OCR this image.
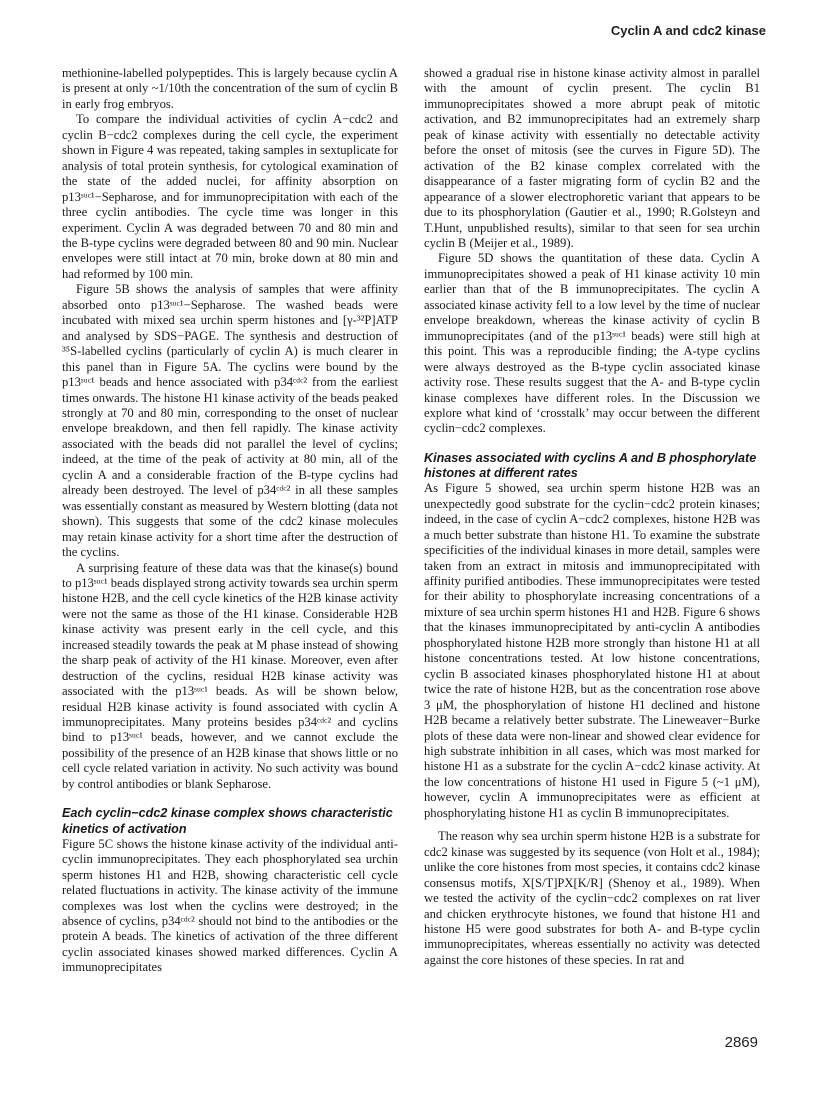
Cyclin A and cdc2 kinase

methionine-labelled polypeptides. This is largely because cyclin A is present at only ~1/10th the concentration of the sum of cyclin B in early frog embryos.

To compare the individual activities of cyclin A−cdc2 and cyclin B−cdc2 complexes during the cell cycle, the experiment shown in Figure 4 was repeated, taking samples in sextuplicate for analysis of total protein synthesis, for cytological examination of the state of the added nuclei, for affinity absorption on p13ˢᵘᶜ¹−Sepharose, and for immunoprecipitation with each of the three cyclin antibodies. The cycle time was longer in this experiment. Cyclin A was degraded between 70 and 80 min and the B-type cyclins were degraded between 80 and 90 min. Nuclear envelopes were still intact at 70 min, broke down at 80 min and had reformed by 100 min.

Figure 5B shows the analysis of samples that were affinity absorbed onto p13ˢᵘᶜ¹−Sepharose. The washed beads were incubated with mixed sea urchin sperm histones and [γ-³²P]ATP and analysed by SDS−PAGE. The synthesis and destruction of ³⁵S-labelled cyclins (particularly of cyclin A) is much clearer in this panel than in Figure 5A. The cyclins were bound by the p13ˢᵘᶜ¹ beads and hence associated with p34ᶜᵈᶜ² from the earliest times onwards. The histone H1 kinase activity of the beads peaked strongly at 70 and 80 min, corresponding to the onset of nuclear envelope breakdown, and then fell rapidly. The kinase activity associated with the beads did not parallel the level of cyclins; indeed, at the time of the peak of activity at 80 min, all of the cyclin A and a considerable fraction of the B-type cyclins had already been destroyed. The level of p34ᶜᵈᶜ² in all these samples was essentially constant as measured by Western blotting (data not shown). This suggests that some of the cdc2 kinase molecules may retain kinase activity for a short time after the destruction of the cyclins.

A surprising feature of these data was that the kinase(s) bound to p13ˢᵘᶜ¹ beads displayed strong activity towards sea urchin sperm histone H2B, and the cell cycle kinetics of the H2B kinase activity were not the same as those of the H1 kinase. Considerable H2B kinase activity was present early in the cell cycle, and this increased steadily towards the peak at M phase instead of showing the sharp peak of activity of the H1 kinase. Moreover, even after destruction of the cyclins, residual H2B kinase activity was associated with the p13ˢᵘᶜ¹ beads. As will be shown below, residual H2B kinase activity is found associated with cyclin A immunoprecipitates. Many proteins besides p34ᶜᵈᶜ² and cyclins bind to p13ˢᵘᶜ¹ beads, however, and we cannot exclude the possibility of the presence of an H2B kinase that shows little or no cell cycle related variation in activity. No such activity was bound by control antibodies or blank Sepharose.

Each cyclin−cdc2 kinase complex shows characteristic kinetics of activation

Figure 5C shows the histone kinase activity of the individual anti-cyclin immunoprecipitates. They each phosphorylated sea urchin sperm histones H1 and H2B, showing characteristic cell cycle related fluctuations in activity. The kinase activity of the immune complexes was lost when the cyclins were destroyed; in the absence of cyclins, p34ᶜᵈᶜ² should not bind to the antibodies or the protein A beads. The kinetics of activation of the three different cyclin associated kinases showed marked differences. Cyclin A immunoprecipitates

showed a gradual rise in histone kinase activity almost in parallel with the amount of cyclin present. The cyclin B1 immunoprecipitates showed a more abrupt peak of mitotic activation, and B2 immunoprecipitates had an extremely sharp peak of kinase activity with essentially no detectable activity before the onset of mitosis (see the curves in Figure 5D). The activation of the B2 kinase complex correlated with the disappearance of a faster migrating form of cyclin B2 and the appearance of a slower electrophoretic variant that appears to be due to its phosphorylation (Gautier et al., 1990; R.Golsteyn and T.Hunt, unpublished results), similar to that seen for sea urchin cyclin B (Meijer et al., 1989).

Figure 5D shows the quantitation of these data. Cyclin A immunoprecipitates showed a peak of H1 kinase activity 10 min earlier than that of the B immunoprecipitates. The cyclin A associated kinase activity fell to a low level by the time of nuclear envelope breakdown, whereas the kinase activity of cyclin B immunoprecipitates (and of the p13ˢᵘᶜ¹ beads) were still high at this point. This was a reproducible finding; the A-type cyclins were always destroyed as the B-type cyclin associated kinase activity rose. These results suggest that the A- and B-type cyclin kinase complexes have different roles. In the Discussion we explore what kind of ‘crosstalk’ may occur between the different cyclin−cdc2 complexes.

Kinases associated with cyclins A and B phosphorylate histones at different rates

As Figure 5 showed, sea urchin sperm histone H2B was an unexpectedly good substrate for the cyclin−cdc2 protein kinases; indeed, in the case of cyclin A−cdc2 complexes, histone H2B was a much better substrate than histone H1. To examine the substrate specificities of the individual kinases in more detail, samples were taken from an extract in mitosis and immunoprecipitated with affinity purified antibodies. These immunoprecipitates were tested for their ability to phosphorylate increasing concentrations of a mixture of sea urchin sperm histones H1 and H2B. Figure 6 shows that the kinases immunoprecipitated by anti-cyclin A antibodies phosphorylated histone H2B more strongly than histone H1 at all histone concentrations tested. At low histone concentrations, cyclin B associated kinases phosphorylated histone H1 at about twice the rate of histone H2B, but as the concentration rose above 3 μM, the phosphorylation of histone H1 declined and histone H2B became a relatively better substrate. The Lineweaver−Burke plots of these data were non-linear and showed clear evidence for high substrate inhibition in all cases, which was most marked for histone H1 as a substrate for the cyclin A−cdc2 kinase activity. At the low concentrations of histone H1 used in Figure 5 (~1 μM), however, cyclin A immunoprecipitates were as efficient at phosphorylating histone H1 as cyclin B immunoprecipitates.

The reason why sea urchin sperm histone H2B is a substrate for cdc2 kinase was suggested by its sequence (von Holt et al., 1984); unlike the core histones from most species, it contains cdc2 kinase consensus motifs, X[S/T]PX[K/R] (Shenoy et al., 1989). When we tested the activity of the cyclin−cdc2 complexes on rat liver and chicken erythrocyte histones, we found that histone H1 and histone H5 were good substrates for both A- and B-type cyclin immunoprecipitates, whereas essentially no activity was detected against the core histones of these species. In rat and

2869
